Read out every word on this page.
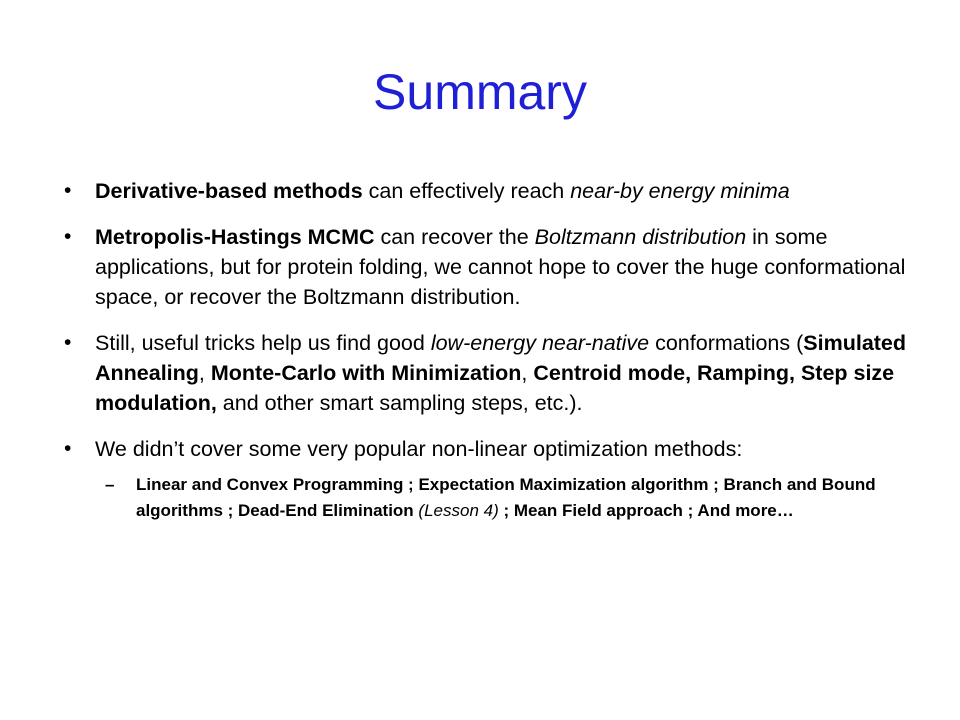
Summary
•	Derivative-based methods can effectively reach near-by energy minima
•	Metropolis-Hastings MCMC can recover the Boltzmann distribution in some applications, but for protein folding, we cannot hope to cover the huge conformational space, or recover the Boltzmann distribution.
•	Still, useful tricks help us find good low-energy near-native conformations (Simulated Annealing, Monte-Carlo with Minimization, Centroid mode, Ramping, Step size modulation, and other smart sampling steps, etc.).
•	We didn’t cover some very popular non-linear optimization methods:
– Linear and Convex Programming ; Expectation Maximization algorithm ; Branch and Bound algorithms ; Dead-End Elimination (Lesson 4) ; Mean Field approach ; And more…
